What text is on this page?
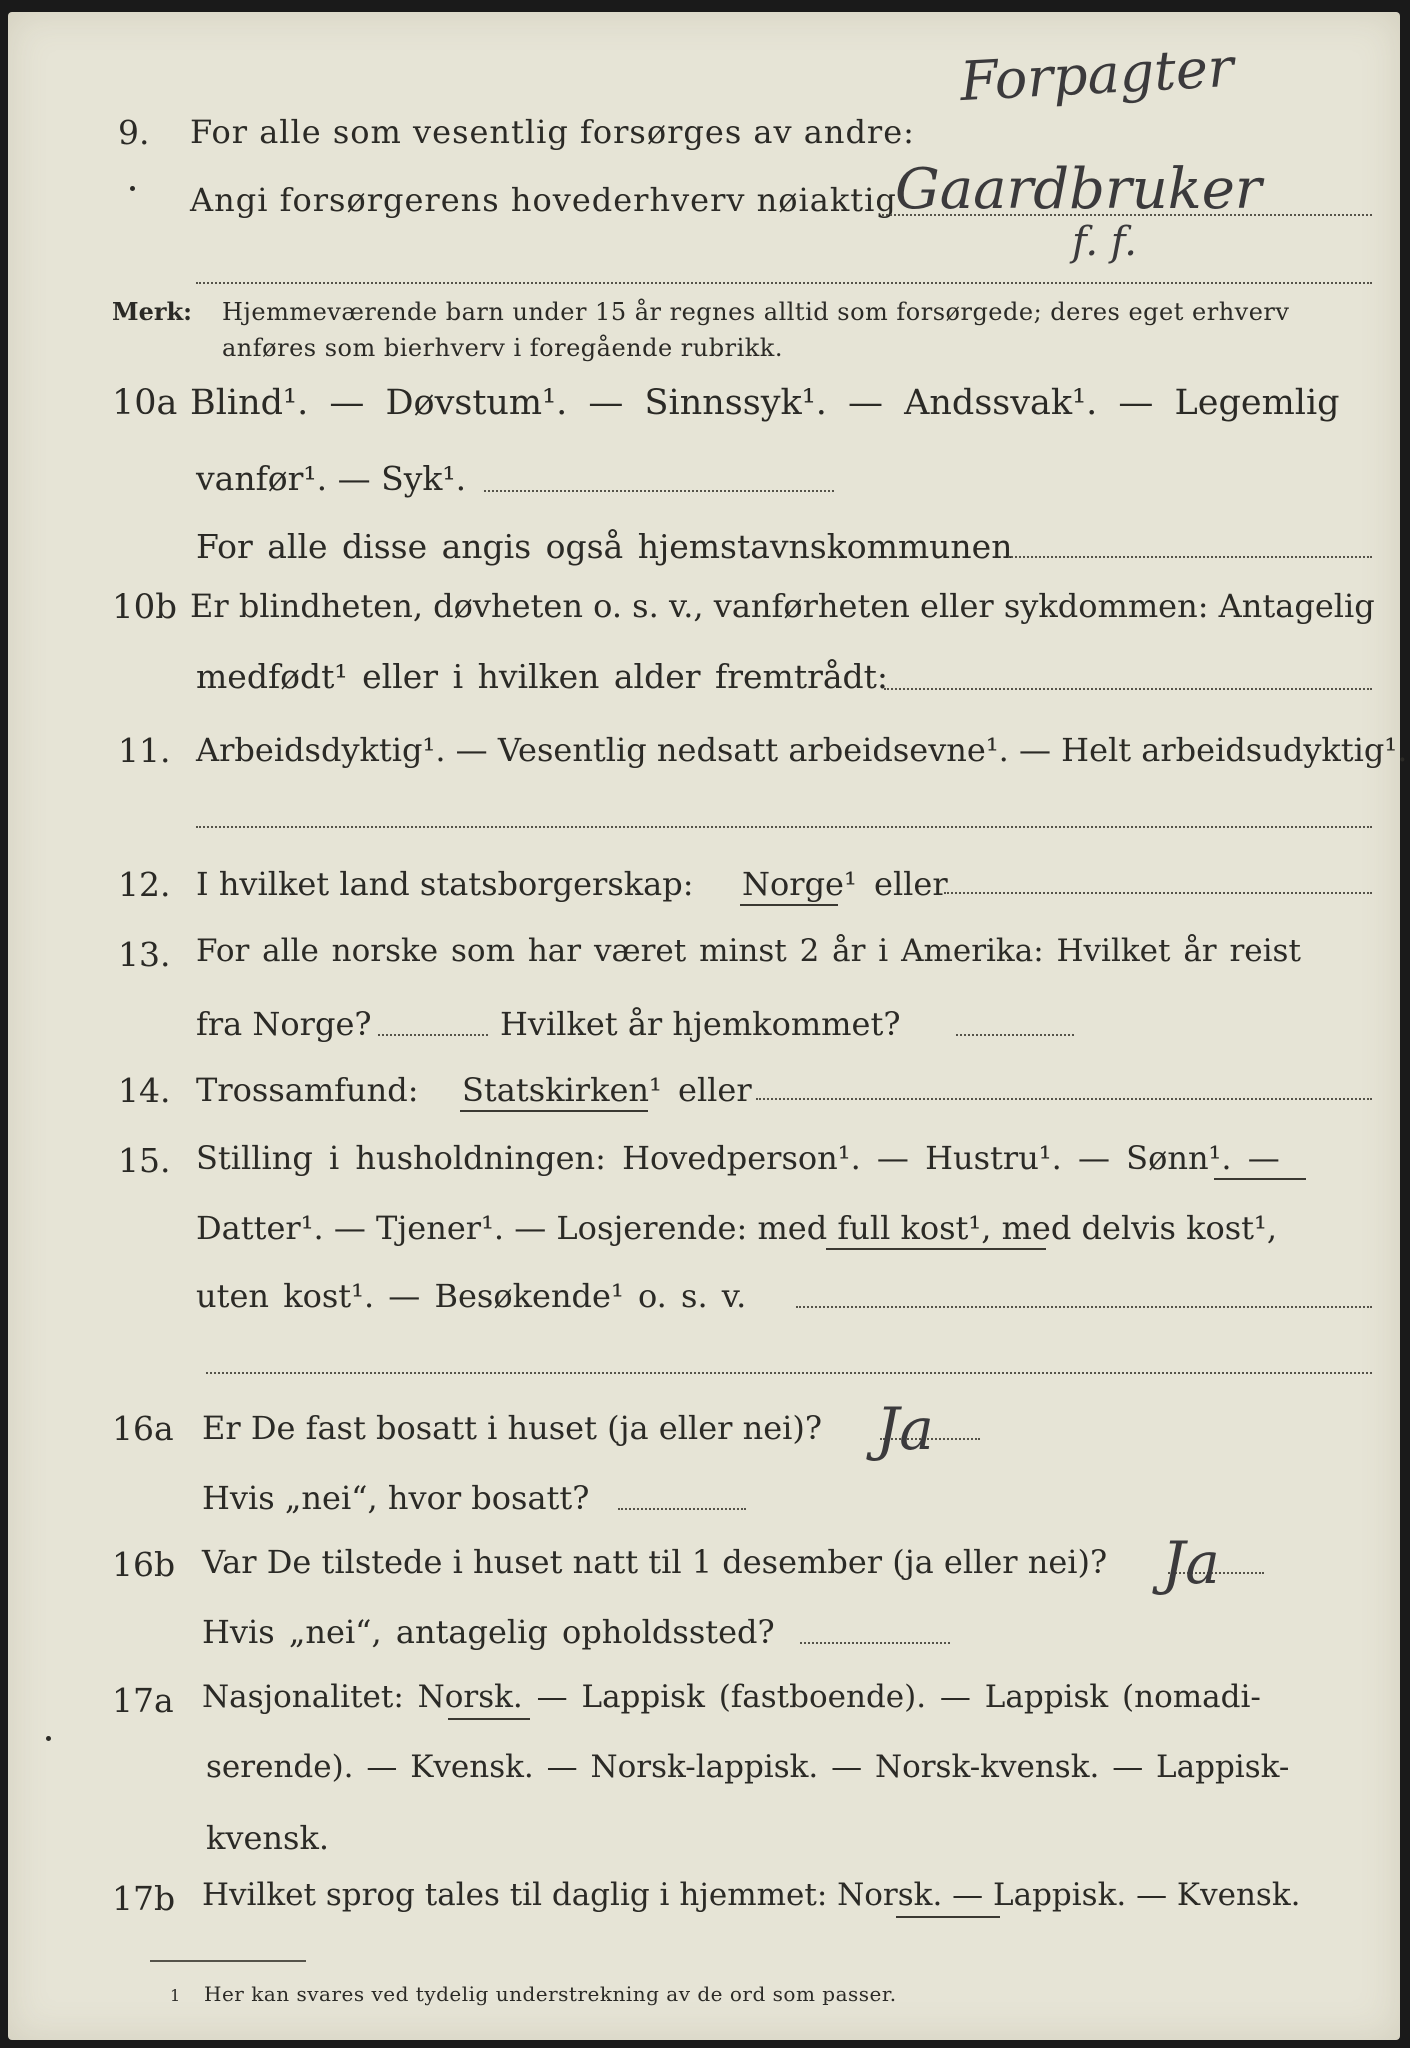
Forpagter
9. For alle som vesentlig forsørges av andre:
Angi forsørgerens hovederhverv nøiaktig
Gaardbruker
f. f.
Merk: Hjemmeværende barn under 15 år regnes alltid som forsørgede; deres eget erhverv
anføres som bierhverv i foregående rubrikk.
10a Blind¹. — Døvstum¹. — Sinnssyk¹. — Andssvak¹. — Legemlig
vanfør¹. — Syk¹.
For alle disse angis også hjemstavnskommunen
10b Er blindheten, døvheten o. s. v., vanførheten eller sykdommen: Antagelig
medfødt¹ eller i hvilken alder fremtrådt:
11. Arbeidsdyktig¹. — Vesentlig nedsatt arbeidsevne¹. — Helt arbeidsudyktig¹.
12. I hvilket land statsborgerskap: Norge¹ eller
13. For alle norske som har været minst 2 år i Amerika: Hvilket år reist
fra Norge?	Hvilket år hjemkommet?
14. Trossamfund: Statskirken¹ eller
15. Stilling i husholdningen: Hovedperson¹. — Hustru¹. — Sønn¹. —
Datter¹. — Tjener¹. — Losjerende: med full kost¹, med delvis kost¹,
uten kost¹. — Besøkende¹ o. s. v.
16a Er De fast bosatt i huset (ja eller nei)? Ja
Hvis „nei“, hvor bosatt?
16b Var De tilstede i huset natt til 1 desember (ja eller nei)? Ja
Hvis „nei“, antagelig opholdssted?
17a Nasjonalitet: Norsk. — Lappisk (fastboende). — Lappisk (nomadi-
serende). — Kvensk. — Norsk-lappisk. — Norsk-kvensk. — Lappisk-
kvensk.
17b Hvilket sprog tales til daglig i hjemmet: Norsk. — Lappisk. — Kvensk.
1 Her kan svares ved tydelig understrekning av de ord som passer.
